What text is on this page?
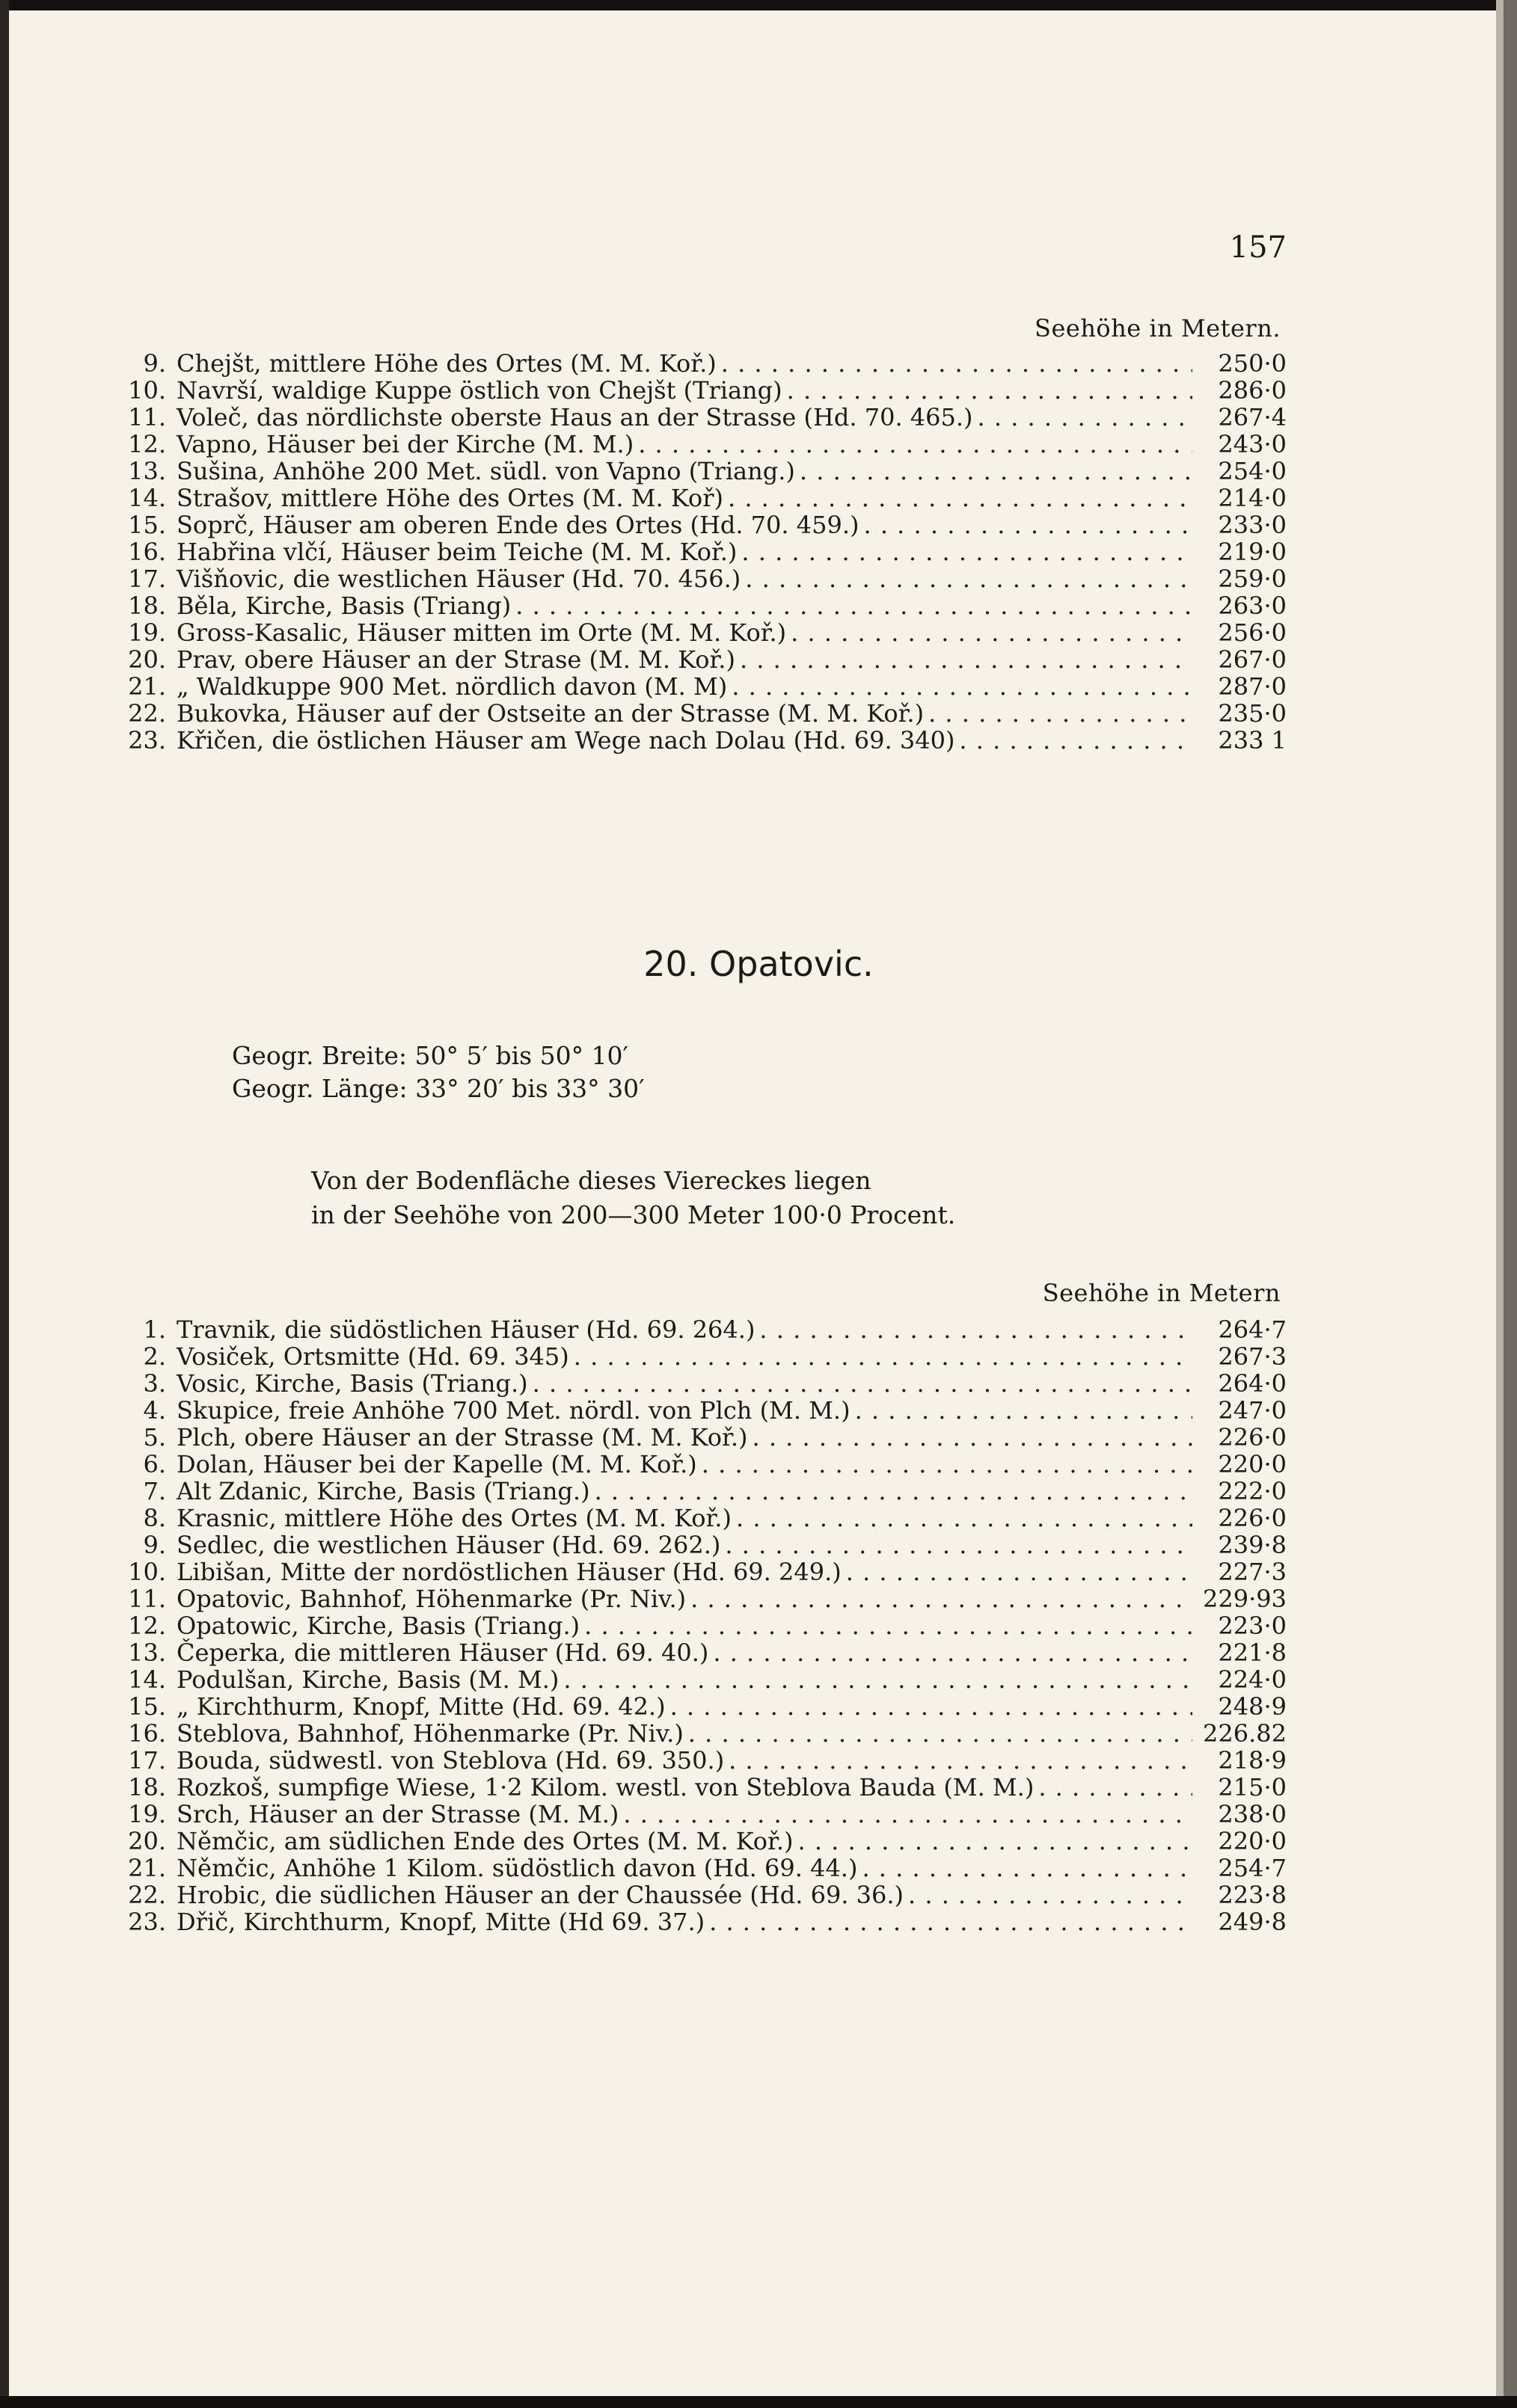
157
Seehöhe in Metern.
9. Chejšt, mittlere Höhe des Ortes (M. M. Koř.) . . .	250·0
10. Navrší, waldige Kuppe östlich von Chejšt (Triang) . . .	286·0
11. Voleč, das nördlichste oberste Haus an der Strasse (Hd. 70. 465.) . . .	267·4
12. Vapno, Häuser bei der Kirche (M. M.) . . .	243·0
13. Sušina, Anhöhe 200 Met. südl. von Vapno (Triang.) . . .	254·0
14. Strašov, mittlere Höhe des Ortes (M. M. Koř) . . .	214·0
15. Soprč, Häuser am oberen Ende des Ortes (Hd. 70. 459.) . . .	233·0
16. Habřina vlčí, Häuser beim Teiche (M. M. Koř.) . . .	219·0
17. Višňovic, die westlichen Häuser (Hd. 70. 456.) . . .	259·0
18. Běla, Kirche, Basis (Triang) . . .	263·0
19. Gross-Kasalic, Häuser mitten im Orte (M. M. Koř.) . . .	256·0
20. Prav, obere Häuser an der Strase (M. M. Koř.) . . .	267·0
21. „ Waldkuppe 900 Met. nördlich davon (M. M) . . .	287·0
22. Bukovka, Häuser auf der Ostseite an der Strasse (M. M. Koř.) . . .	235·0
23. Křičen, die östlichen Häuser am Wege nach Dolau (Hd. 69. 340) . . .	233 1
20. Opatovic.
Geogr. Breite: 50° 5′ bis 50° 10′
Geogr. Länge: 33° 20′ bis 33° 30′
Von der Bodenfläche dieses Viereckes liegen
in der Seehöhe von 200—300 Meter 100·0 Procent.
Seehöhe in Metern
1. Travnik, die südöstlichen Häuser (Hd. 69. 264.) . . .	264·7
2. Vosiček, Ortsmitte (Hd. 69. 345) . . .	267·3
3. Vosic, Kirche, Basis (Triang.) . . .	264·0
4. Skupice, freie Anhöhe 700 Met. nördl. von Plch (M. M.) . . .	247·0
5. Plch, obere Häuser an der Strasse (M. M. Koř.) . . .	226·0
6. Dolan, Häuser bei der Kapelle (M. M. Koř.) . . .	220·0
7. Alt Zdanic, Kirche, Basis (Triang.) . . .	222·0
8. Krasnic, mittlere Höhe des Ortes (M. M. Koř.) . . .	226·0
9. Sedlec, die westlichen Häuser (Hd. 69. 262.) . . .	239·8
10. Libišan, Mitte der nordöstlichen Häuser (Hd. 69. 249.) . . .	227·3
11. Opatovic, Bahnhof, Höhenmarke (Pr. Niv.) . . .	229·93
12. Opatowic, Kirche, Basis (Triang.) . . .	223·0
13. Čeperka, die mittleren Häuser (Hd. 69. 40.) . . .	221·8
14. Podulšan, Kirche, Basis (M. M.) . . .	224·0
15. „ Kirchthurm, Knopf, Mitte (Hd. 69. 42.) . . .	248·9
16. Steblova, Bahnhof, Höhenmarke (Pr. Niv.) . . .	226.82
17. Bouda, südwestl. von Steblova (Hd. 69. 350.) . . .	218·9
18. Rozkoš, sumpfige Wiese, 1·2 Kilom. westl. von Steblova Bauda (M. M.) . . .	215·0
19. Srch, Häuser an der Strasse (M. M.) . . .	238·0
20. Němčic, am südlichen Ende des Ortes (M. M. Koř.) . . .	220·0
21. Němčic, Anhöhe 1 Kilom. südöstlich davon (Hd. 69. 44.) . . .	254·7
22. Hrobic, die südlichen Häuser an der Chaussée (Hd. 69. 36.) . . .	223·8
23. Dřič, Kirchthurm, Knopf, Mitte (Hd 69. 37.) . . .	249·8
